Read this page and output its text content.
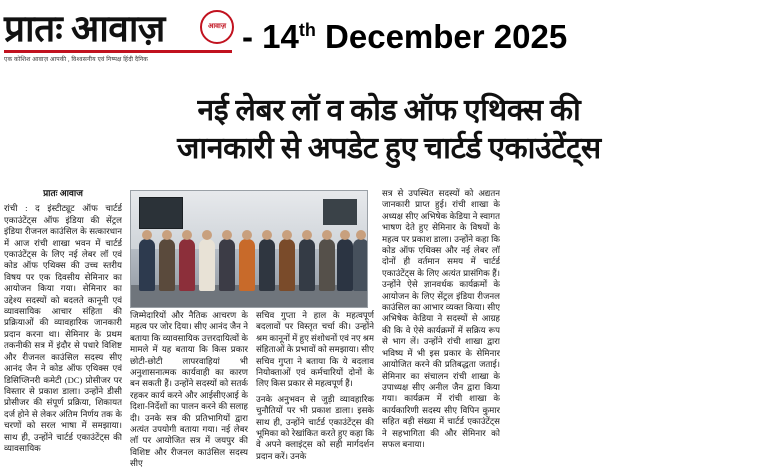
प्रातः आवाज़
एक कोशिश आवाज़ आपकी , विश्वसनीय एवं निष्पक्ष हिंदी दैनिक
आवाज़ - 14th December 2025
नई लेबर लॉ व कोड ऑफ एथिक्स की
जानकारी से अपडेट हुए चार्टर्ड एकाउंटेंट्स
प्रातः आवाज

रांची : द इंस्टीट्यूट ऑफ चार्टर्ड एकाउंटेंट्स ऑफ इंडिया की सेंट्रल इंडिया रीजनल काउंसिल के सत्कारधान में आज रांची शाखा भवन में चार्टर्ड एकाउंटेंट्स के लिए नई लेबर लॉ एवं कोड ऑफ एथिक्स की उच्च स्तरीय विषय पर एक दिवसीय सेमिनार का आयोजन किया गया। सेमिनार का उद्देश्य सदस्यों को बदलते कानूनी एवं व्यावसायिक आचार संहिता की प्रक्रियाओं की व्यावहारिक जानकारी प्रदान करना था। सेमिनार के प्रथम तकनीकी सत्र में इंदौर से पधारे विशिष्ट और रीजनल काउंसिल सदस्य सीए आनंद जैन ने कोड ऑफ एथिक्स एवं डिसिप्लिनरी कमेटी (DC) प्रोसीजर पर विस्तार से प्रकाश डाला। उन्होंने डीसी प्रोसीजर की संपूर्ण प्रक्रिया, शिकायत दर्ज होने से लेकर अंतिम निर्णय तक के चरणों को सरल भाषा में समझाया। साथ ही, उन्होंने चार्टर्ड एकाउंटेंट्स की व्यावसायिक

जिम्मेदारियों और नैतिक आचरण के महत्व पर जोर दिया। सीए आनंद जैन ने बताया कि व्यावसायिक उत्तरदायित्वों के मामले में यह बताया कि किस प्रकार छोटी-छोटी लापरवाहियां भी अनुशासनात्मक कार्यवाही का कारण बन सकती हैं। उन्होंने सदस्यों को सतर्क रहकर कार्य करने और आईसीएआई के दिशा-निर्देशों का पालन करने की सलाह दी। उनके सत्र की प्रतिभागियों द्वारा अत्यंत उपयोगी बताया गया। नई लेबर लॉ पर आयोजित सत्र में जयपुर की विशिष्ट और रीजनल काउंसिल सदस्य सीए

सचिव गुप्ता ने हाल के महत्वपूर्ण बदलावों पर विस्तृत चर्चा की। उन्होंने श्रम कानूनों में हुए संशोधनों एवं नए श्रम संहिताओं के प्रभावों को समझाया। सीए सचिव गुप्ता ने बताया कि ये बदलाव नियोक्ताओं एवं कर्मचारियों दोनों के लिए किस प्रकार से महत्वपूर्ण हैं।

उनके अनुभवन से जुड़ी व्यावहारिक चुनौतियों पर भी प्रकाश डाला। इसके साथ ही, उन्होंने चार्टर्ड एकाउंटेंट्स की भूमिका को रेखांकित करते हुए कहा कि वे अपने क्लाइंट्स को सही मार्गदर्शन प्रदान करें। उनके

सत्र से उपस्थित सदस्यों को अद्यतन जानकारी प्राप्त हुई। रांची शाखा के अध्यक्ष सीए अभिषेक केडिया ने स्वागत भाषण देते हुए सेमिनार के विषयों के महत्व पर प्रकाश डाला। उन्होंने कहा कि कोड ऑफ एथिक्स और नई लेबर लॉ दोनों ही वर्तमान समय में चार्टर्ड एकाउंटेंट्स के लिए अत्यंत प्रासंगिक हैं। उन्होंने ऐसे ज्ञानवर्धक कार्यक्रमों के आयोजन के लिए सेंट्रल इंडिया रीजनल काउंसिल का आभार व्यक्त किया। सीए अभिषेक केडिया ने सदस्यों से आग्रह की कि वे ऐसे कार्यक्रमों में सक्रिय रूप से भाग लें। उन्होंने रांची शाखा द्वारा भविष्य में भी इस प्रकार के सेमिनार आयोजित करने की प्रतिबद्धता जताई। सेमिनार का संचालन रांची शाखा के उपाध्यक्ष सीए अनील जैन द्वारा किया गया। कार्यक्रम में रांची शाखा के कार्यकारिणी सदस्य सीए विपिन कुमार सहित बड़ी संख्या में चार्टर्ड एकाउंटेंट्स ने सहभागिता की और सेमिनार को सफल बनाया।
